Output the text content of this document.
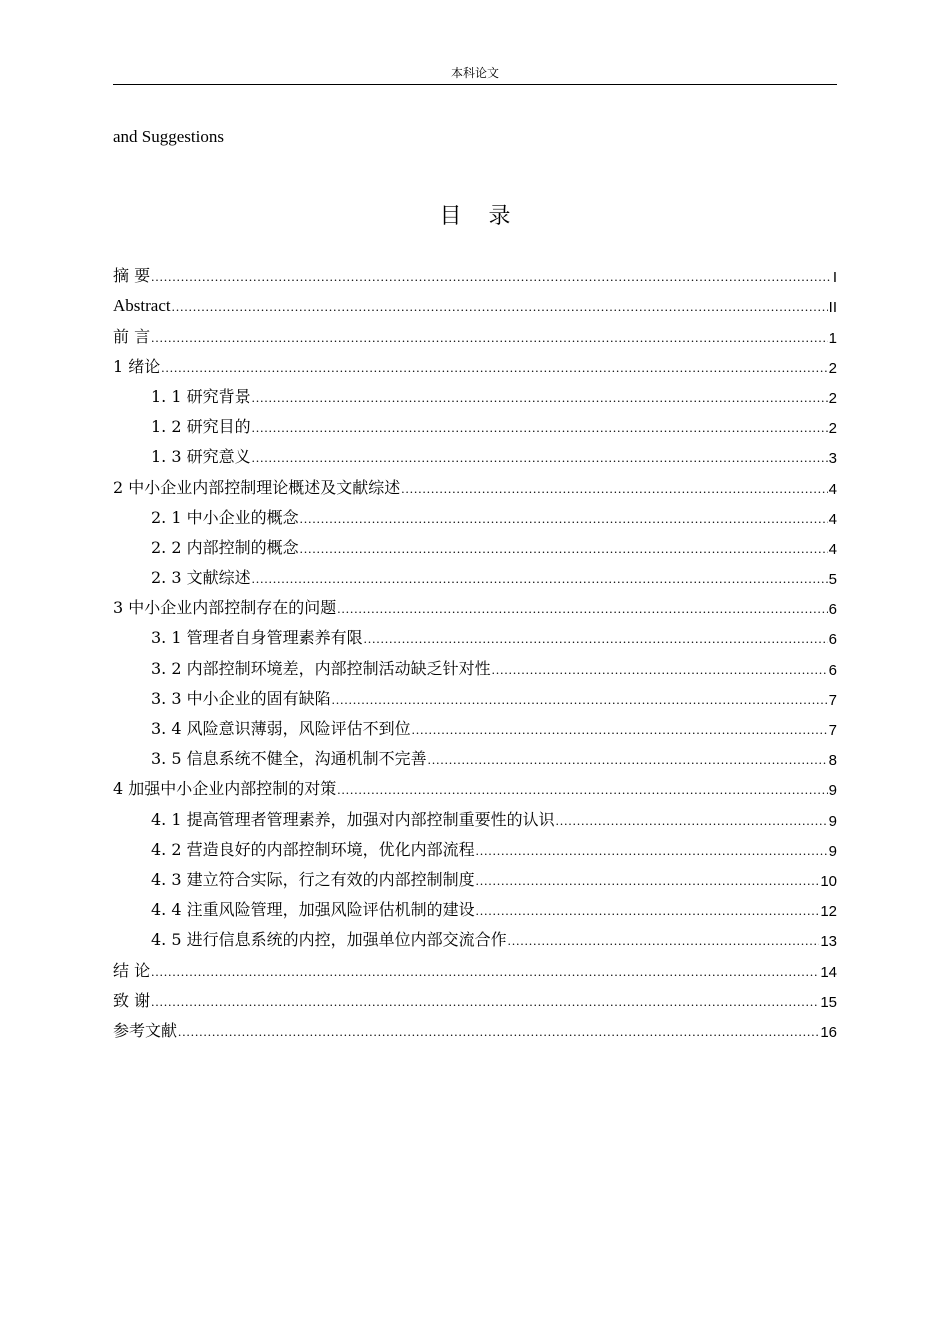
本科论文
and Suggestions
目 录
摘 要 .....	I
Abstract .....	II
前 言 .....	1
1 绪论 .....	2
1. 1 研究背景 .....	2
1. 2 研究目的 .....	2
1. 3 研究意义 .....	3
2 中小企业内部控制理论概述及文献综述 .....	4
2. 1 中小企业的概念 .....	4
2. 2 内部控制的概念 .....	4
2. 3 文献综述 .....	5
3 中小企业内部控制存在的问题 .....	6
3. 1 管理者自身管理素养有限 .....	6
3. 2 内部控制环境差，内部控制活动缺乏针对性 .....	6
3. 3 中小企业的固有缺陷 .....	7
3. 4 风险意识薄弱，风险评估不到位 .....	7
3. 5 信息系统不健全，沟通机制不完善 .....	8
4 加强中小企业内部控制的对策 .....	9
4. 1 提高管理者管理素养，加强对内部控制重要性的认识 .....	9
4. 2 营造良好的内部控制环境，优化内部流程 .....	9
4. 3 建立符合实际，行之有效的内部控制制度 .....	10
4. 4 注重风险管理，加强风险评估机制的建设 .....	12
4. 5 进行信息系统的内控，加强单位内部交流合作 .....	13
结 论 .....	14
致 谢 .....	15
参考文献 .....	16
